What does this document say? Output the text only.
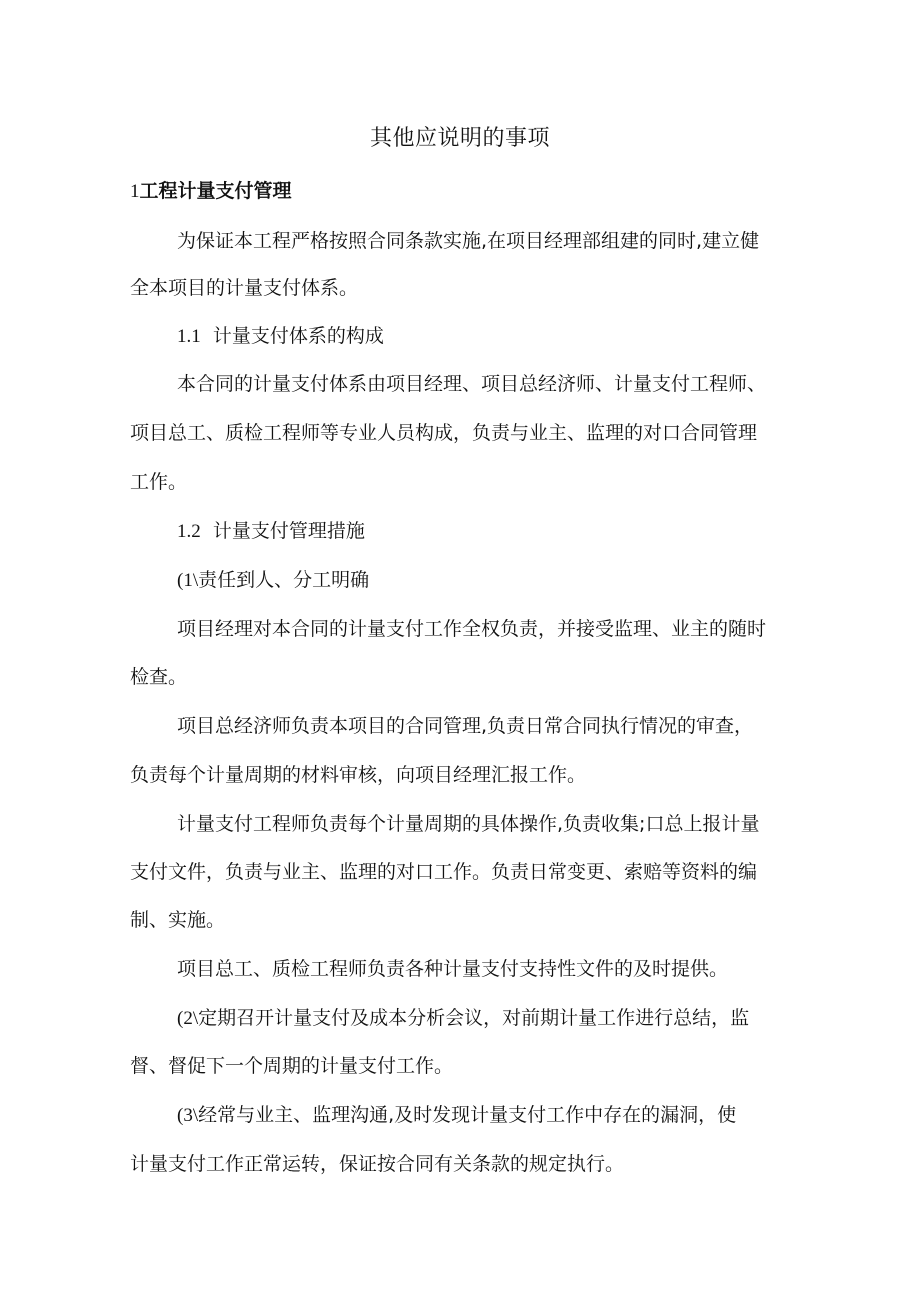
其他应说明的事项
1工程计量支付管理
为保证本工程严格按照合同条款实施,在项目经理部组建的同时,建立健
全本项目的计量支付体系。
1.1 计量支付体系的构成
本合同的计量支付体系由项目经理、项目总经济师、计量支付工程师、
项目总工、质检工程师等专业人员构成，负责与业主、监理的对口合同管理
工作。
1.2 计量支付管理措施
(1\责任到人、分工明确
项目经理对本合同的计量支付工作全权负责，并接受监理、业主的随时
检查。
项目总经济师负责本项目的合同管理,负责日常合同执行情况的审查，
负责每个计量周期的材料审核，向项目经理汇报工作。
计量支付工程师负责每个计量周期的具体操作,负责收集;口总上报计量
支付文件，负责与业主、监理的对口工作。负责日常变更、索赔等资料的编
制、实施。
项目总工、质检工程师负责各种计量支付支持性文件的及时提供。
(2\定期召开计量支付及成本分析会议，对前期计量工作进行总结，监
督、督促下一个周期的计量支付工作。
(3\经常与业主、监理沟通,及时发现计量支付工作中存在的漏洞，使
计量支付工作正常运转，保证按合同有关条款的规定执行。
